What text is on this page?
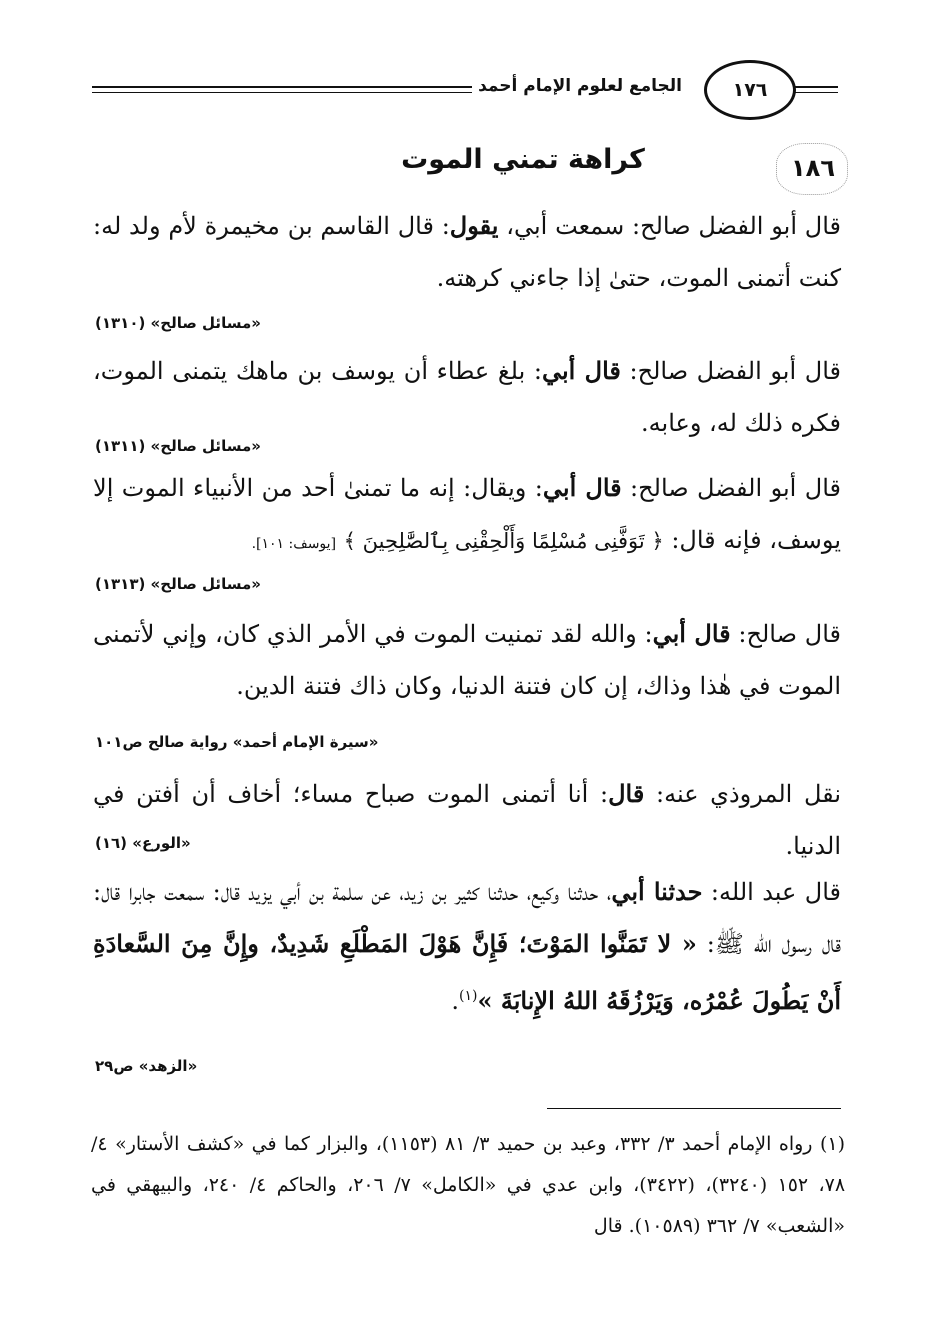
الجامع لعلوم الإمام أحمد	١٧٦
١٨٦
كراهة تمني الموت
قال أبو الفضل صالح: سمعت أبي، يقول: قال القاسم بن مخيمرة لأم ولد له: كنت أتمنى الموت، حتىٰ إذا جاءني كرهته.
«مسائل صالح» (١٣١٠)
قال أبو الفضل صالح: قال أبي: بلغ عطاء أن يوسف بن ماهك يتمنى الموت، فكره ذلك له، وعابه.
«مسائل صالح» (١٣١١)
قال أبو الفضل صالح: قال أبي: ويقال: إنه ما تمنىٰ أحد من الأنبياء الموت إلا يوسف، فإنه قال: ﴿ تَوَفَّنِى مُسْلِمًا وَأَلْحِقْنِى بِٱلصَّٰلِحِينَ ﴾ [يوسف: ١٠١].
«مسائل صالح» (١٣١٣)
قال صالح: قال أبي: والله لقد تمنيت الموت في الأمر الذي كان، وإني لأتمنى الموت في هٰذا وذاك، إن كان فتنة الدنيا، وكان ذاك فتنة الدين.
«سيرة الإمام أحمد» رواية صالح ص١٠١
نقل المروذي عنه: قال: أنا أتمنى الموت صباح مساء؛ أخاف أن أفتن في الدنيا.
«الورع» (١٦)
قال عبد الله: حدثنا أبي، حدثنا وكيع، حدثنا كثير بن زيد، عن سلمة بن أبي يزيد قال: سمعت جابرا قال: قال رسول الله ﷺ: « لا تَمَنَّوا المَوْتَ؛ فَإِنَّ هَوْلَ المَطْلَعِ شَدِيدٌ، وإِنَّ مِنَ السَّعادَةِ أَنْ يَطُولَ عُمْرُه، وَيَرْزُقَهُ اللهُ الإِنابَةَ »$^{(١)}$.
«الزهد» ص٢٩
(١) رواه الإمام أحمد ٣/ ٣٣٢، وعبد بن حميد ٣/ ٨١ (١١٥٣)، والبزار كما في «كشف الأستار» ٤/ ٧٨، ١٥٢ (٣٢٤٠)، (٣٤٢٢)، وابن عدي في «الكامل» ٧/ ٢٠٦، والحاكم ٤/ ٢٤٠، والبيهقي في «الشعب» ٧/ ٣٦٢ (١٠٥٨٩). قال
